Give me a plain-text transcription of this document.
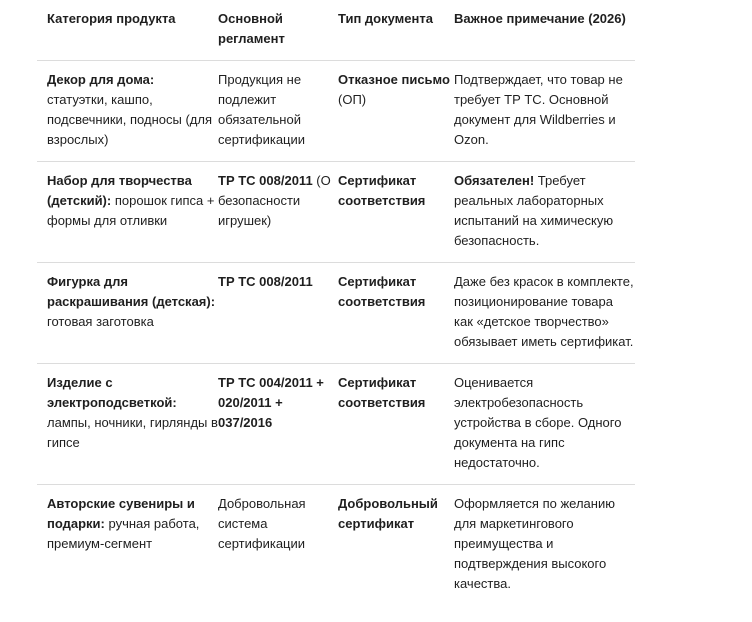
Категория продукта	Основной регламент	Тип документа	Важное примечание (2026)
Декор для дома: статуэтки, кашпо, подсвечники, подносы (для взрослых)	Продукция не подлежит обязательной сертификации	Отказное письмо (ОП)	Подтверждает, что товар не требует ТР ТС. Основной документ для Wildberries и Ozon.
Набор для творчества (детский): порошок гипса + формы для отливки	ТР ТС 008/2011 (О безопасности игрушек)	Сертификат соответствия	Обязателен! Требует реальных лабораторных испытаний на химическую безопасность.
Фигурка для раскрашивания (детская): готовая заготовка	ТР ТС 008/2011	Сертификат соответствия	Даже без красок в комплекте, позиционирование товара как «детское творчество» обязывает иметь сертификат.
Изделие с электроподсветкой: лампы, ночники, гирлянды в гипсе	ТР ТС 004/2011 + 020/2011 + 037/2016	Сертификат соответствия	Оценивается электробезопасность устройства в сборе. Одного документа на гипс недостаточно.
Авторские сувениры и подарки: ручная работа, премиум-сегмент	Добровольная система сертификации	Добровольный сертификат	Оформляется по желанию для маркетингового преимущества и подтверждения высокого качества.
